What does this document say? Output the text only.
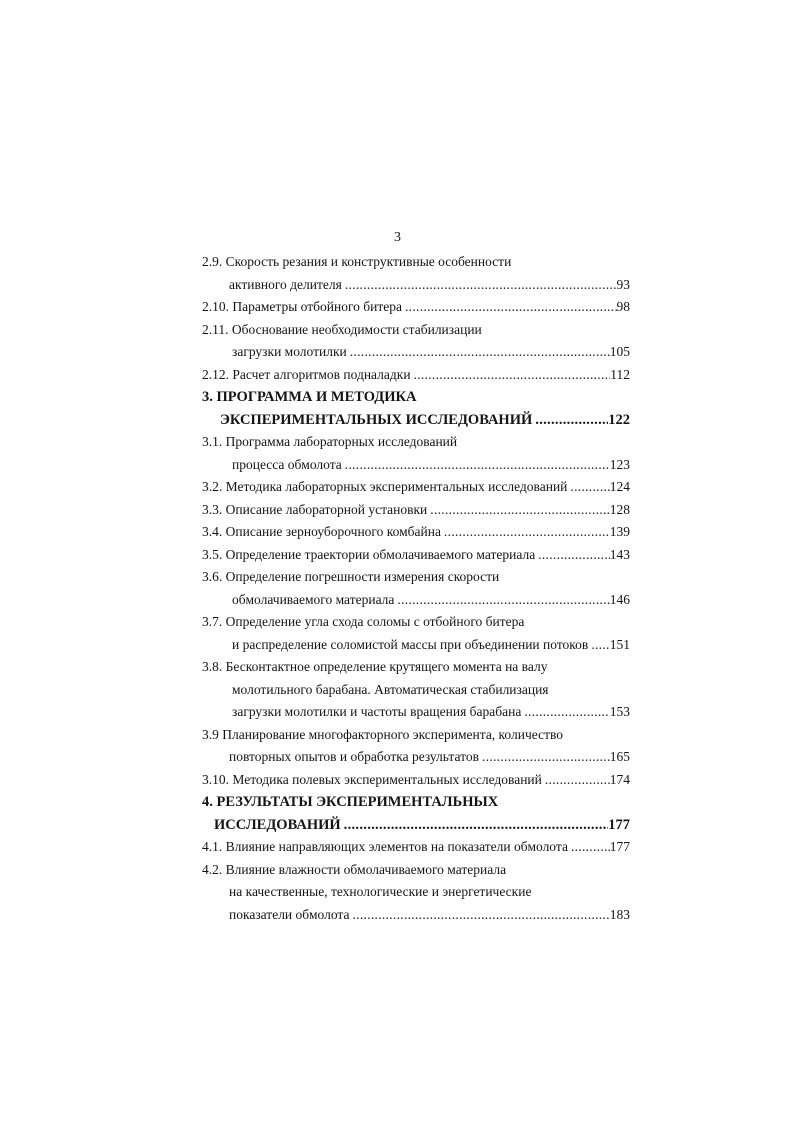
3
2.9. Скорость резания и конструктивные особенности
активного делителя .....	93
2.10. Параметры отбойного битера .....	98
2.11. Обоснование необходимости стабилизации
загрузки молотилки .....	105
2.12. Расчет алгоритмов подналадки .....	112
3. ПРОГРАММА И МЕТОДИКА
ЭКСПЕРИМЕНТАЛЬНЫХ ИССЛЕДОВАНИЙ .....	122
3.1. Программа лабораторных исследований
процесса обмолота .....	123
3.2. Методика лабораторных экспериментальных исследований .....	124
3.3. Описание лабораторной установки .....	128
3.4. Описание зерноуборочного комбайна .....	139
3.5. Определение траектории обмолачиваемого материала .....	143
3.6. Определение погрешности измерения скорости
обмолачиваемого материала .....	146
3.7. Определение угла схода соломы с отбойного битера
и распределение соломистой массы при объединении потоков ..... 151
3.8. Бесконтактное определение крутящего момента на валу
молотильного барабана. Автоматическая стабилизация
загрузки молотилки и частоты вращения барабана .....	153
3.9 Планирование многофакторного эксперимента, количество
повторных опытов и обработка результатов .....	165
3.10. Методика полевых экспериментальных исследований .....	174
4. РЕЗУЛЬТАТЫ ЭКСПЕРИМЕНТАЛЬНЫХ
ИССЛЕДОВАНИЙ .....	177
4.1. Влияние направляющих элементов на показатели обмолота .....	177
4.2. Влияние влажности обмолачиваемого материала
на качественные, технологические и энергетические
показатели обмолота .....	183
